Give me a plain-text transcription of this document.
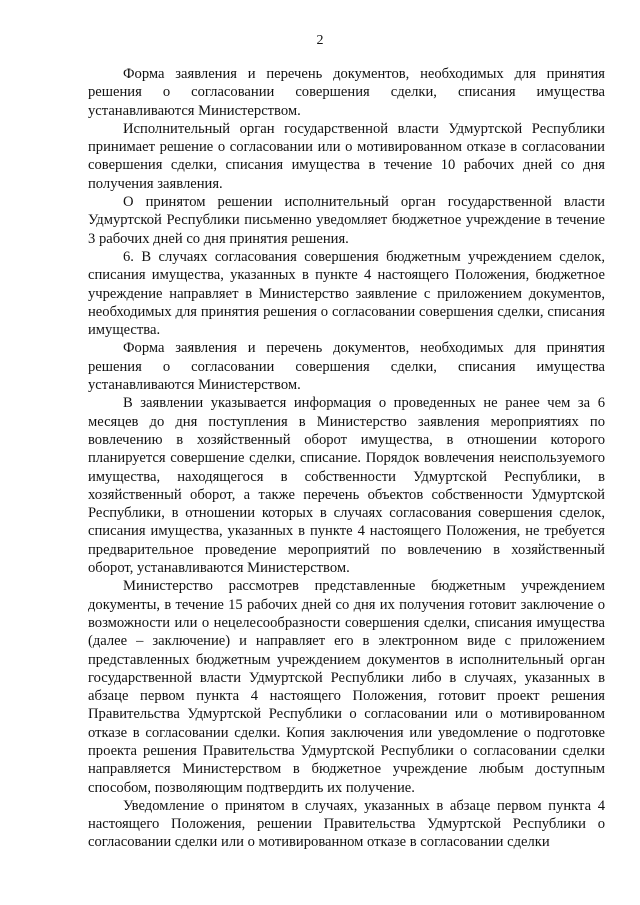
2

Форма заявления и перечень документов, необходимых для принятия решения о согласовании совершения сделки, списания имущества устанавливаются Министерством.

Исполнительный орган государственной власти Удмуртской Республики принимает решение о согласовании или о мотивированном отказе в согласовании совершения сделки, списания имущества в течение 10 рабочих дней со дня получения заявления.

О принятом решении исполнительный орган государственной власти Удмуртской Республики письменно уведомляет бюджетное учреждение в течение 3 рабочих дней со дня принятия решения.

6. В случаях согласования совершения бюджетным учреждением сделок, списания имущества, указанных в пункте 4 настоящего Положения, бюджетное учреждение направляет в Министерство заявление с приложением документов, необходимых для принятия решения о согласовании совершения сделки, списания имущества.

Форма заявления и перечень документов, необходимых для принятия решения о согласовании совершения сделки, списания имущества устанавливаются Министерством.

В заявлении указывается информация о проведенных не ранее чем за 6 месяцев до дня поступления в Министерство заявления мероприятиях по вовлечению в хозяйственный оборот имущества, в отношении которого планируется совершение сделки, списание. Порядок вовлечения неиспользуемого имущества, находящегося в собственности Удмуртской Республики, в хозяйственный оборот, а также перечень объектов собственности Удмуртской Республики, в отношении которых в случаях согласования совершения сделок, списания имущества, указанных в пункте 4 настоящего Положения, не требуется предварительное проведение мероприятий по вовлечению в хозяйственный оборот, устанавливаются Министерством.

Министерство рассмотрев представленные бюджетным учреждением документы, в течение 15 рабочих дней со дня их получения готовит заключение о возможности или о нецелесообразности совершения сделки, списания имущества (далее – заключение) и направляет его в электронном виде с приложением представленных бюджетным учреждением документов в исполнительный орган государственной власти Удмуртской Республики либо в случаях, указанных в абзаце первом пункта 4 настоящего Положения, готовит проект решения Правительства Удмуртской Республики о согласовании или о мотивированном отказе в согласовании сделки. Копия заключения или уведомление о подготовке проекта решения Правительства Удмуртской Республики о согласовании сделки направляется Министерством в бюджетное учреждение любым доступным способом, позволяющим подтвердить их получение.

Уведомление о принятом в случаях, указанных в абзаце первом пункта 4 настоящего Положения, решении Правительства Удмуртской Республики о согласовании сделки или о мотивированном отказе в согласовании сделки
